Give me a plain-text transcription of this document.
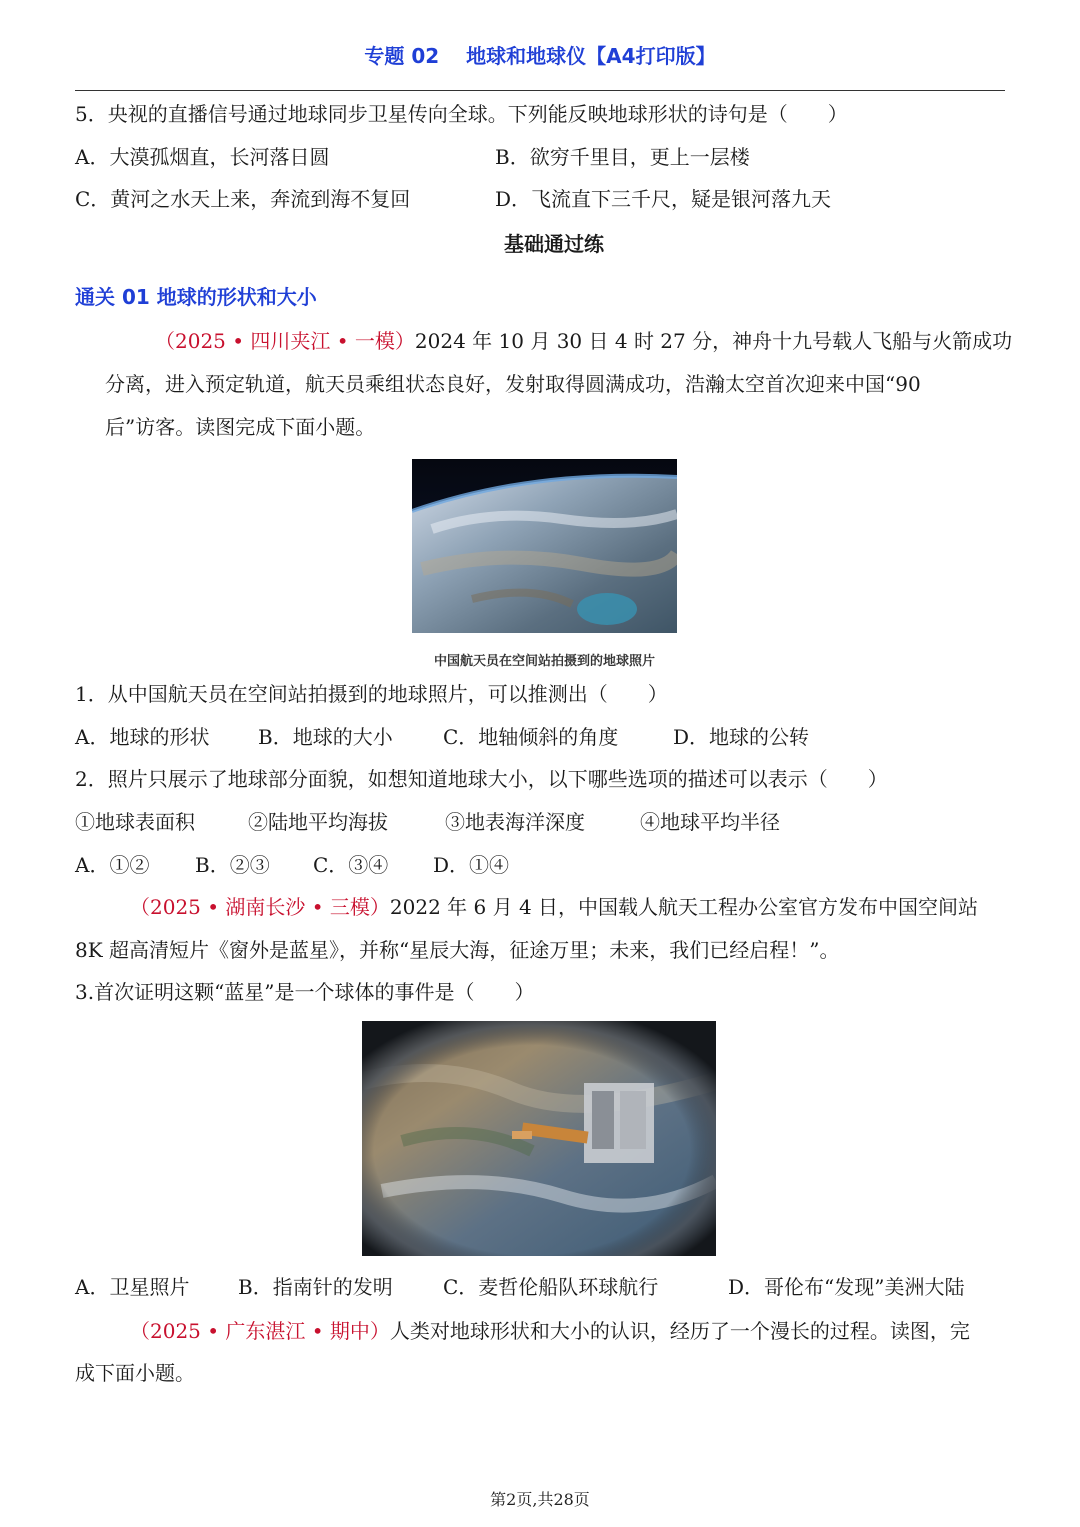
专题 02　 地球和地球仪【A4打印版】
5．央视的直播信号通过地球同步卫星传向全球。下列能反映地球形状的诗句是（　　）
A．大漠孤烟直，长河落日圆	B．欲穷千里目，更上一层楼
C．黄河之水天上来，奔流到海不复回	D．飞流直下三千尺，疑是银河落九天
基础通过练
通关 01 地球的形状和大小
（2025 • 四川夹江 • 一模）2024 年 10 月 30 日 4 时 27 分，神舟十九号载人飞船与火箭成功
分离，进入预定轨道，航天员乘组状态良好，发射取得圆满成功，浩瀚太空首次迎来中国“90
后”访客。读图完成下面小题。
中国航天员在空间站拍摄到的地球照片
1．从中国航天员在空间站拍摄到的地球照片，可以推测出（　　）
A．地球的形状 B．地球的大小	C．地轴倾斜的角度	D．地球的公转
2．照片只展示了地球部分面貌，如想知道地球大小，以下哪些选项的描述可以表示（　　）
①地球表面积	②陆地平均海拔	③地表海洋深度	④地球平均半径
A．①② B．②③ C．③④ D．①④
（2025 • 湖南长沙 • 三模）2022 年 6 月 4 日，中国载人航天工程办公室官方发布中国空间站
8K 超高清短片《窗外是蓝星》，并称“星辰大海，征途万里；未来，我们已经启程！”。
3.首次证明这颗“蓝星”是一个球体的事件是（　　）
A．卫星照片 B．指南针的发明	C．麦哲伦船队环球航行	D．哥伦布“发现”美洲大陆
（2025 • 广东湛江 • 期中）人类对地球形状和大小的认识，经历了一个漫长的过程。读图，完
成下面小题。
第2页,共28页
